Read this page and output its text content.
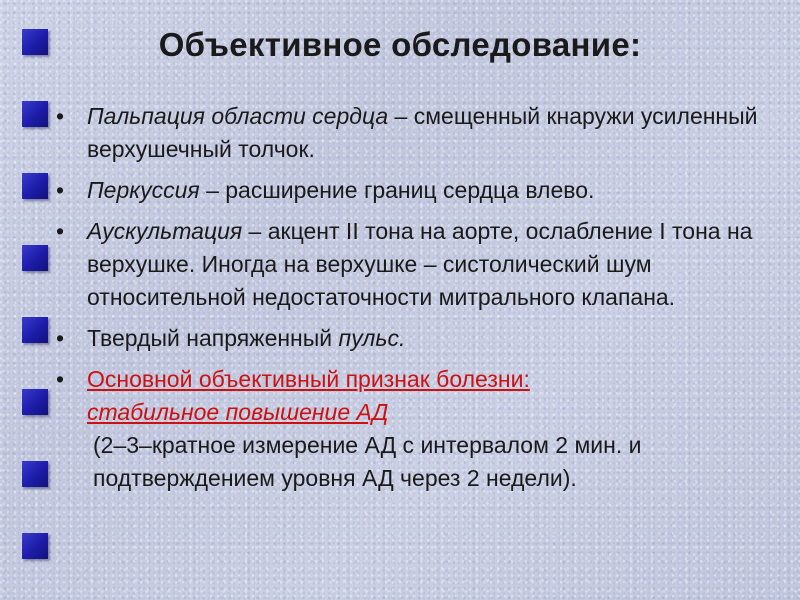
Объективное обследование:
• Пальпация области сердца – смещенный кнаружи усиленный верхушечный толчок.
• Перкуссия – расширение границ сердца влево.
• Аускультация – акцент II тона на аорте, ослабление I тона на верхушке. Иногда на верхушке – систолический шум относительной недостаточности митрального клапана.
• Твердый напряженный пульс.
• Основной объективный признак болезни:
стабильное повышение АД

(2–3–кратное измерение АД с интервалом 2 мин. и подтверждением уровня АД через 2 недели).
